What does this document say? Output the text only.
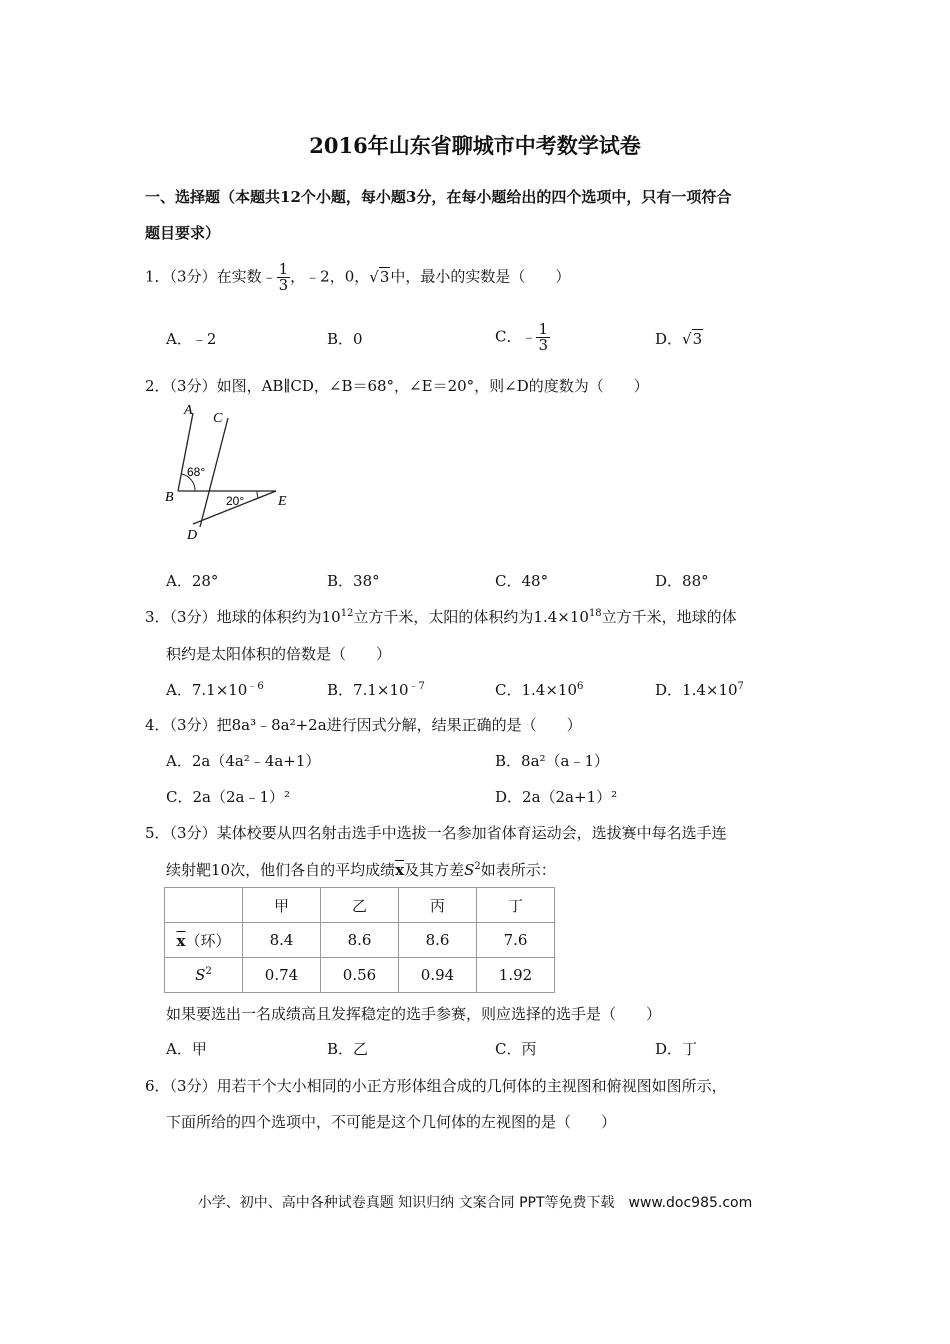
2016年山东省聊城市中考数学试卷
一、选择题（本题共12个小题，每小题3分，在每小题给出的四个选项中，只有一项符合
题目要求）
1．（3分）在实数﹣ $\frac{1}{3}$ ，﹣2，0，√3中，最小的实数是（　　）
A．﹣2	B．0	C．﹣ $\frac{1}{3}$	D．√3
2．（3分）如图，AB∥CD，∠B＝68°，∠E＝20°，则∠D的度数为（　　）
A
C
B	E
D
68°
20°
A．28°	B．38°	C．48°	D．88°
3．（3分）地球的体积约为$10^{12}$立方千米，太阳的体积约为$1.4\times 10^{18}$立方千米，地球的体
积约是太阳体积的倍数是（　　）
A．$7.1\times 10^{﹣6}$	B．$7.1\times 10^{﹣7}$	C．$1.4\times 10^6$	D．$1.4\times 10^7$
4．（3分）把8a³﹣8a²+2a进行因式分解，结果正确的是（　　）
A．2a（4a²﹣4a+1）	B．8a²（a﹣1）
C．2a（2a﹣1）²	D．2a（2a+1）²
5．（3分）某体校要从四名射击选手中选拔一名参加省体育运动会，选拔赛中每名选手连
续射靶10次，他们各自的平均成绩$\overline{x}$及其方差$S^2$如表所示：
	甲	乙	丙	丁
$\overline{x}$（环）	8.4	8.6	8.6	7.6
$S^2$	0.74	0.56	0.94	1.92
如果要选出一名成绩高且发挥稳定的选手参赛，则应选择的选手是（　　）
A．甲	B．乙	C．丙	D．丁
6．（3分）用若干个大小相同的小正方形体组合成的几何体的主视图和俯视图如图所示，
下面所给的四个选项中，不可能是这个几何体的左视图的是（　　）
小学、初中、高中各种试卷真题 知识归纳 文案合同 PPT等免费下载　www.doc985.com
